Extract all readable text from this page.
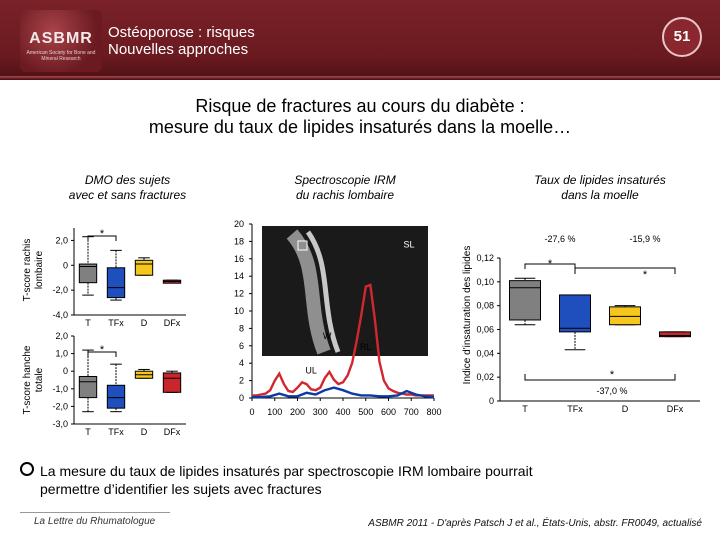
ASBMR
American Society for Bone and Mineral Research
Ostéoporose : risques
Nouvelles approches
51
Risque de fractures au cours du diabète :
mesure du taux de lipides insaturés dans la moelle…
DMO des sujets
avec et sans fractures
Spectroscopie IRM
du rachis lombaire
Taux de lipides insaturés
dans la moelle
2,0
0
-2,0
-4,0
T TFx D DFx
*
T-score rachis lombaire
2,0
1,0
0
-1,0
-2,0
-3,0
T TFx D DFx
*
T-score hanche totale
0
2
4
6
8
10
12
14
16
18
20
0 100 200 300 400 500 600 700 800
W
UL
RL
SL
0,12
0,10
0,08
0,06
0,04
0,02
0
T	TFx	D	DFx
Indice d'insaturation des lipides
-27,6 %
*
-15,9 %
*
*
-37,0 %
La mesure du taux de lipides insaturés par spectroscopie IRM lombaire pourrait
permettre d’identifier les sujets avec fractures
La Lettre du Rhumatologue	ASBMR 2011 - D'après Patsch J et al., États-Unis, abstr. FR0049, actualisé
